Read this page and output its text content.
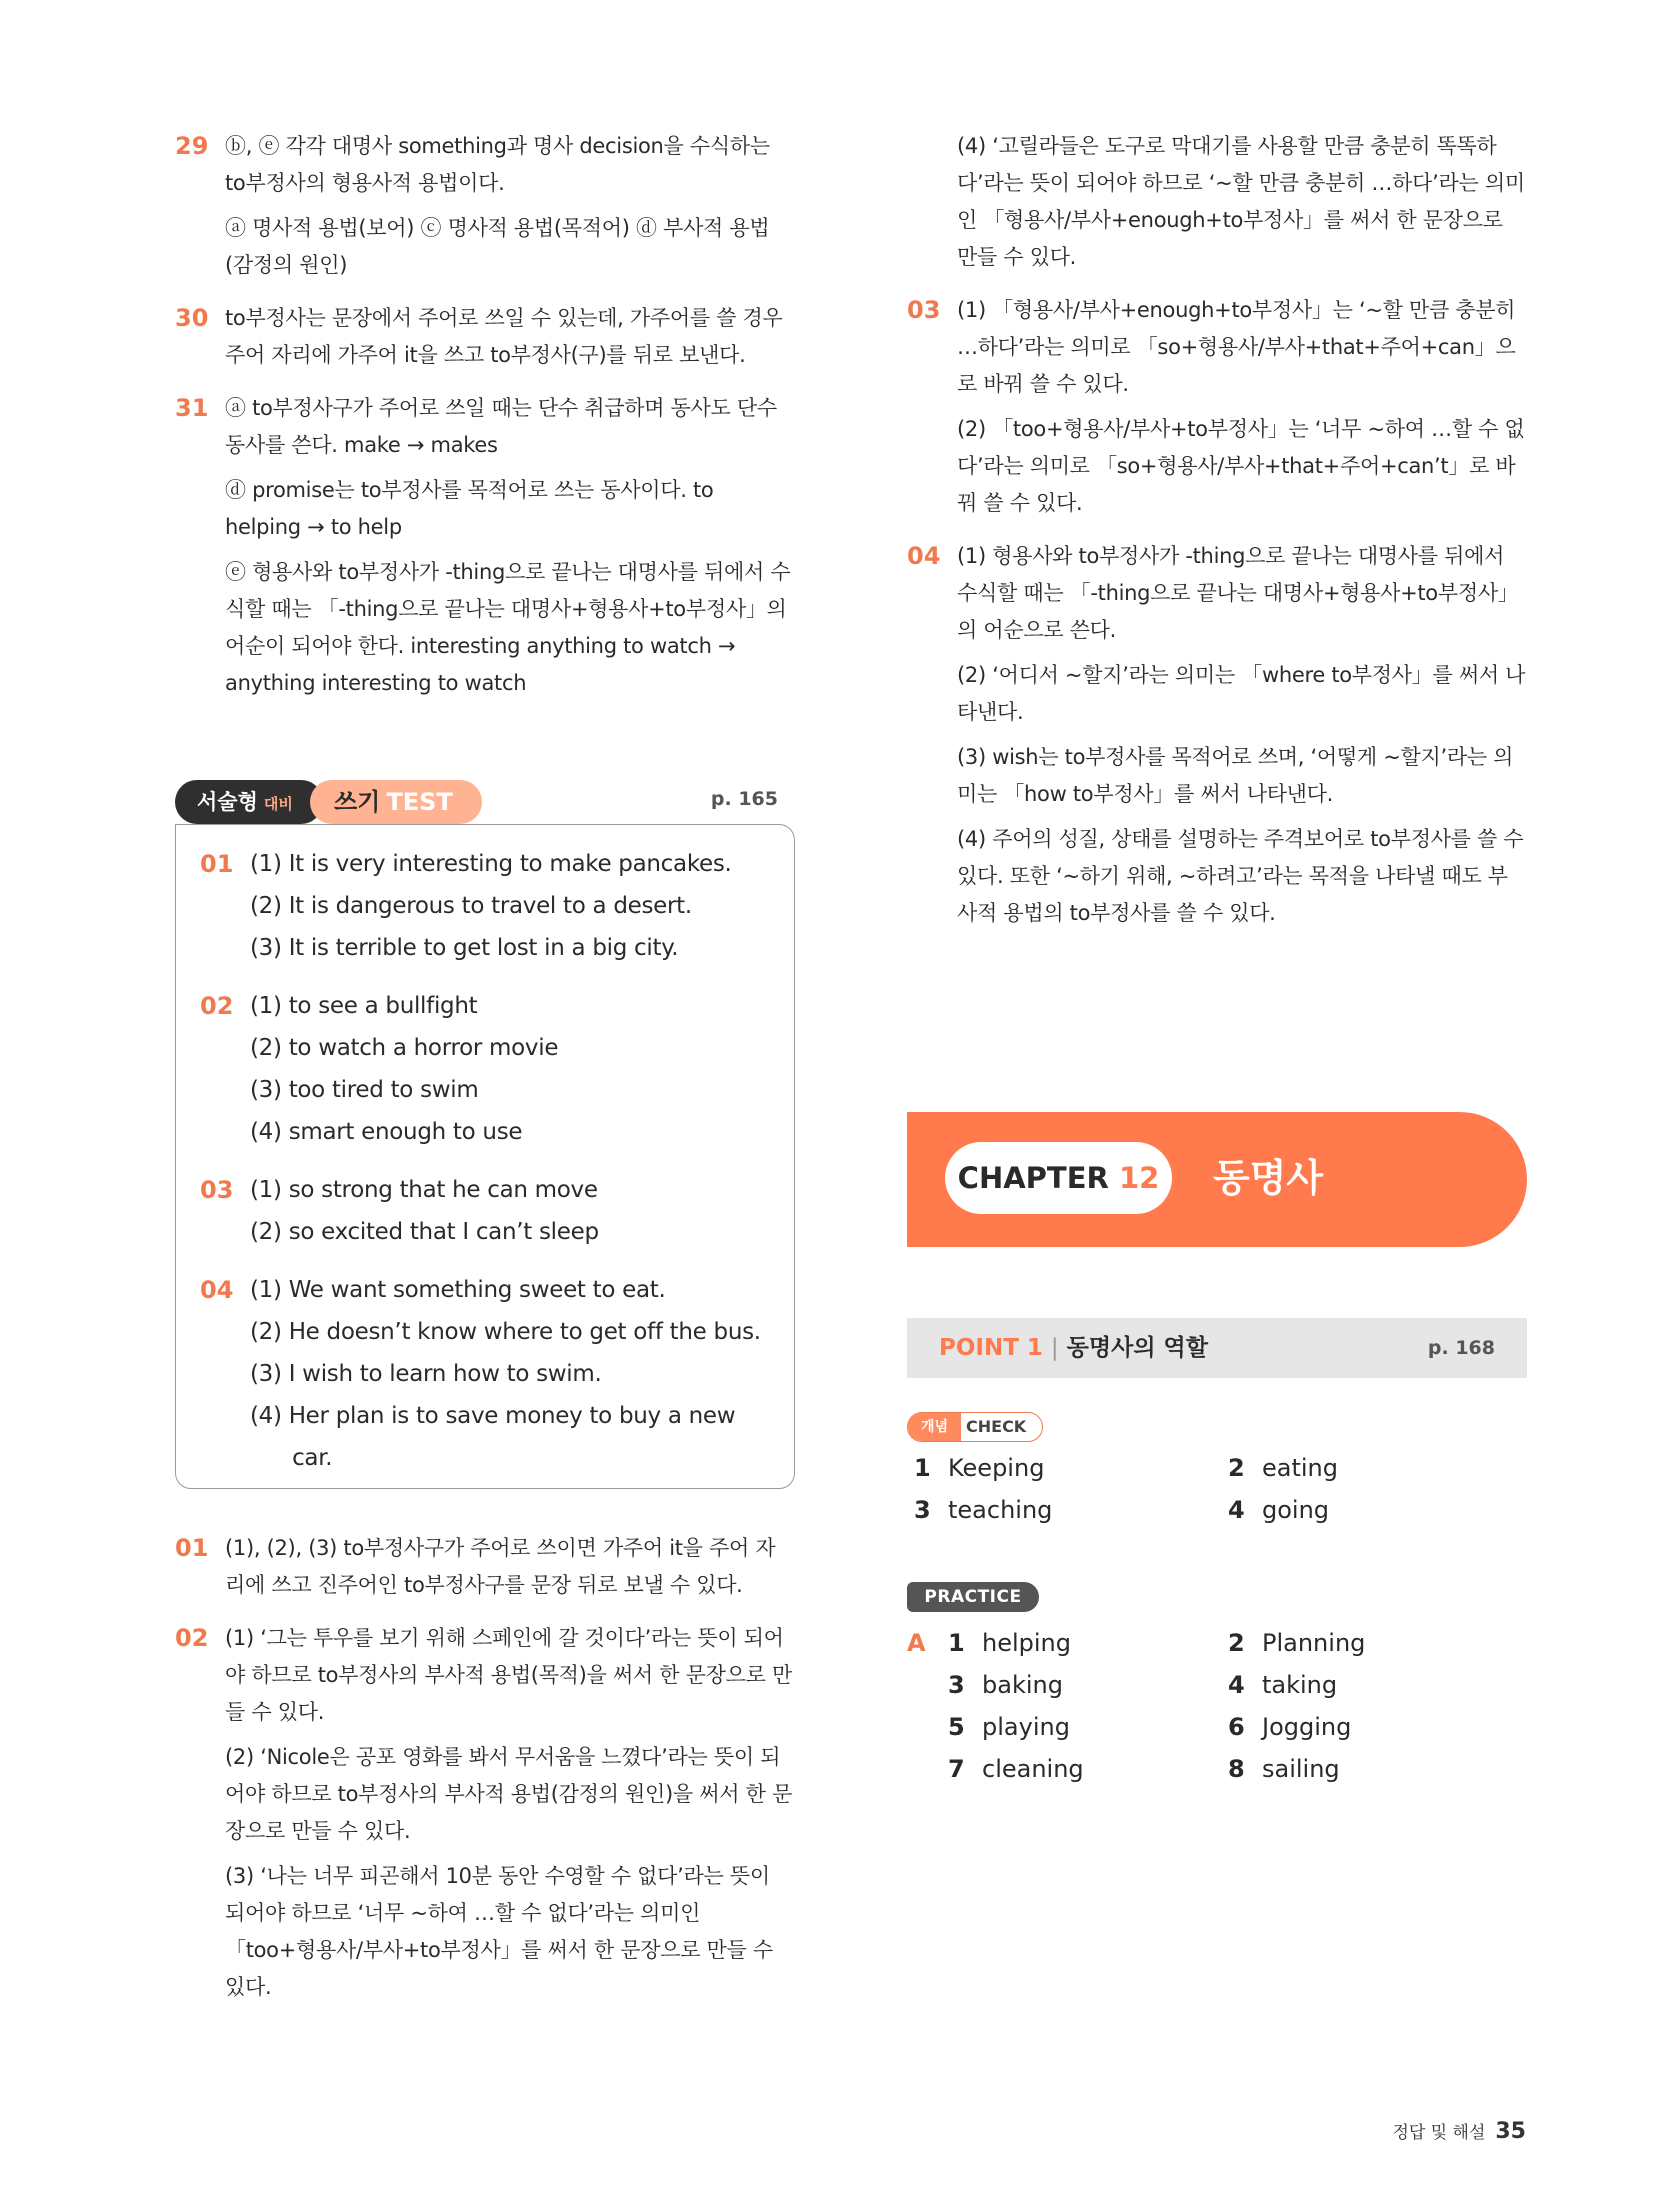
29 ⓑ, ⓔ 각각 대명사 something과 명사 decision을 수식하는 to부정사의 형용사적 용법이다.

ⓐ 명사적 용법(보어) ⓒ 명사적 용법(목적어) ⓓ 부사적 용법(감정의 원인)

30 to부정사는 문장에서 주어로 쓰일 수 있는데, 가주어를 쓸 경우 주어 자리에 가주어 it을 쓰고 to부정사(구)를 뒤로 보낸다.

31 ⓐ to부정사구가 주어로 쓰일 때는 단수 취급하며 동사도 단수동사를 쓴다. make → makes

ⓓ promise는 to부정사를 목적어로 쓰는 동사이다. to helping → to help

ⓔ 형용사와 to부정사가 -thing으로 끝나는 대명사를 뒤에서 수식할 때는 「-thing으로 끝나는 대명사+형용사+to부정사」의 어순이 되어야 한다. interesting anything to watch → anything interesting to watch

서술형 대비	쓰기 TEST	p. 165
01 (1) It is very interesting to make pancakes.

(2) It is dangerous to travel to a desert.

(3) It is terrible to get lost in a big city.

02 (1) to see a bullfight

(2) to watch a horror movie

(3) too tired to swim

(4) smart enough to use

03 (1) so strong that he can move

(2) so excited that I can’t sleep

04 (1) We want something sweet to eat.

(2) He doesn’t know where to get off the bus.

(3) I wish to learn how to swim.

(4) Her plan is to save money to buy a new

car.

01 (1), (2), (3) to부정사구가 주어로 쓰이면 가주어 it을 주어 자리에 쓰고 진주어인 to부정사구를 문장 뒤로 보낼 수 있다.

02 (1) ‘그는 투우를 보기 위해 스페인에 갈 것이다’라는 뜻이 되어야 하므로 to부정사의 부사적 용법(목적)을 써서 한 문장으로 만들 수 있다.

(2) ‘Nicole은 공포 영화를 봐서 무서움을 느꼈다’라는 뜻이 되어야 하므로 to부정사의 부사적 용법(감정의 원인)을 써서 한 문장으로 만들 수 있다.

(3) ‘나는 너무 피곤해서 10분 동안 수영할 수 없다’라는 뜻이 되어야 하므로 ‘너무 ~하여 …할 수 없다’라는 의미인 「too+형용사/부사+to부정사」를 써서 한 문장으로 만들 수 있다.

(4) ‘고릴라들은 도구로 막대기를 사용할 만큼 충분히 똑똑하다’라는 뜻이 되어야 하므로 ‘~할 만큼 충분히 …하다’라는 의미인 「형용사/부사+enough+to부정사」를 써서 한 문장으로 만들 수 있다.

03 (1) 「형용사/부사+enough+to부정사」는 ‘~할 만큼 충분히 …하다’라는 의미로 「so+형용사/부사+that+주어+can」으로 바꿔 쓸 수 있다.

(2) 「too+형용사/부사+to부정사」는 ‘너무 ~하여 …할 수 없다’라는 의미로 「so+형용사/부사+that+주어+can’t」로 바꿔 쓸 수 있다.

04 (1) 형용사와 to부정사가 -thing으로 끝나는 대명사를 뒤에서 수식할 때는 「-thing으로 끝나는 대명사+형용사+to부정사」의 어순으로 쓴다.

(2) ‘어디서 ~할지’라는 의미는 「where to부정사」를 써서 나타낸다.

(3) wish는 to부정사를 목적어로 쓰며, ‘어떻게 ~할지’라는 의미는 「how to부정사」를 써서 나타낸다.

(4) 주어의 성질, 상태를 설명하는 주격보어로 to부정사를 쓸 수 있다. 또한 ‘~하기 위해, ~하려고’라는 목적을 나타낼 때도 부사적 용법의 to부정사를 쓸 수 있다.

CHAPTER 12	동명사
POINT 1 | 동명사의 역할	p. 168
개념	CHECK
1 Keeping	2 eating
3 teaching	4 going
PRACTICE
A 1 helping	2 Planning
3 baking	4 taking
5 playing	6 Jogging
7 cleaning	8 sailing
정답 및 해설 35
